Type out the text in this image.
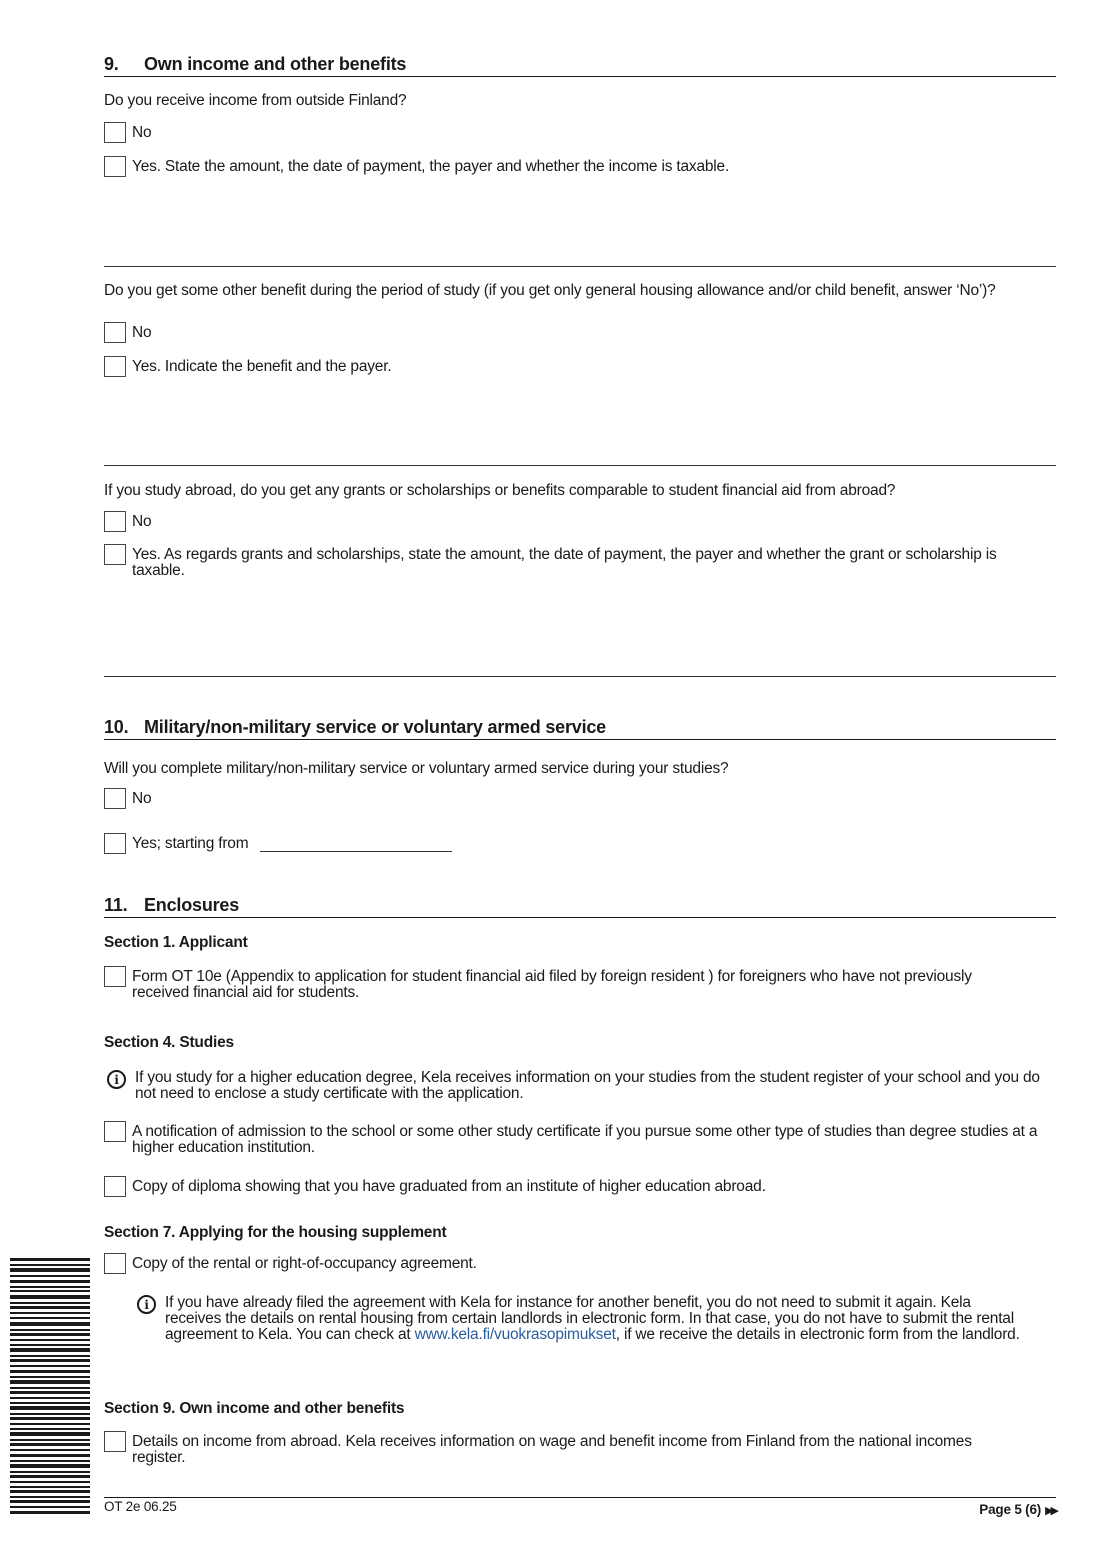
9. Own income and other benefits
Do you receive income from outside Finland?
No
Yes. State the amount, the date of payment, the payer and whether the income is taxable.
Do you get some other benefit during the period of study (if you get only general housing allowance and/or child benefit, answer ‘No’)?
No
Yes. Indicate the benefit and the payer.
If you study abroad, do you get any grants or scholarships or benefits comparable to student financial aid from abroad?
No
Yes. As regards grants and scholarships, state the amount, the date of payment, the payer and whether the grant or scholarship is taxable.
10. Military/non-military service or voluntary armed service
Will you complete military/non-military service or voluntary armed service during your studies?
No
Yes; starting from
11. Enclosures
Section 1. Applicant
Form OT 10e (Appendix to application for student financial aid filed by foreign resident ) for foreigners who have not previously received financial aid for students.
Section 4. Studies
i	If you study for a higher education degree, Kela receives information on your studies from the student register of your school and you do not need to enclose a study certificate with the application.
A notification of admission to the school or some other study certificate if you pursue some other type of studies than degree studies at a higher education institution.
Copy of diploma showing that you have graduated from an institute of higher education abroad.
Section 7. Applying for the housing supplement
Copy of the rental or right-of-occupancy agreement.
i	If you have already filed the agreement with Kela for instance for another benefit, you do not need to submit it again. Kela receives the details on rental housing from certain landlords in electronic form. In that case, you do not have to submit the rental agreement to Kela. You can check at www.kela.fi/vuokrasopimukset, if we receive the details in electronic form from the landlord.
Section 9. Own income and other benefits
Details on income from abroad. Kela receives information on wage and benefit income from Finland from the national incomes register.
OT 2e 06.25	Page 5 (6) ▶▶
